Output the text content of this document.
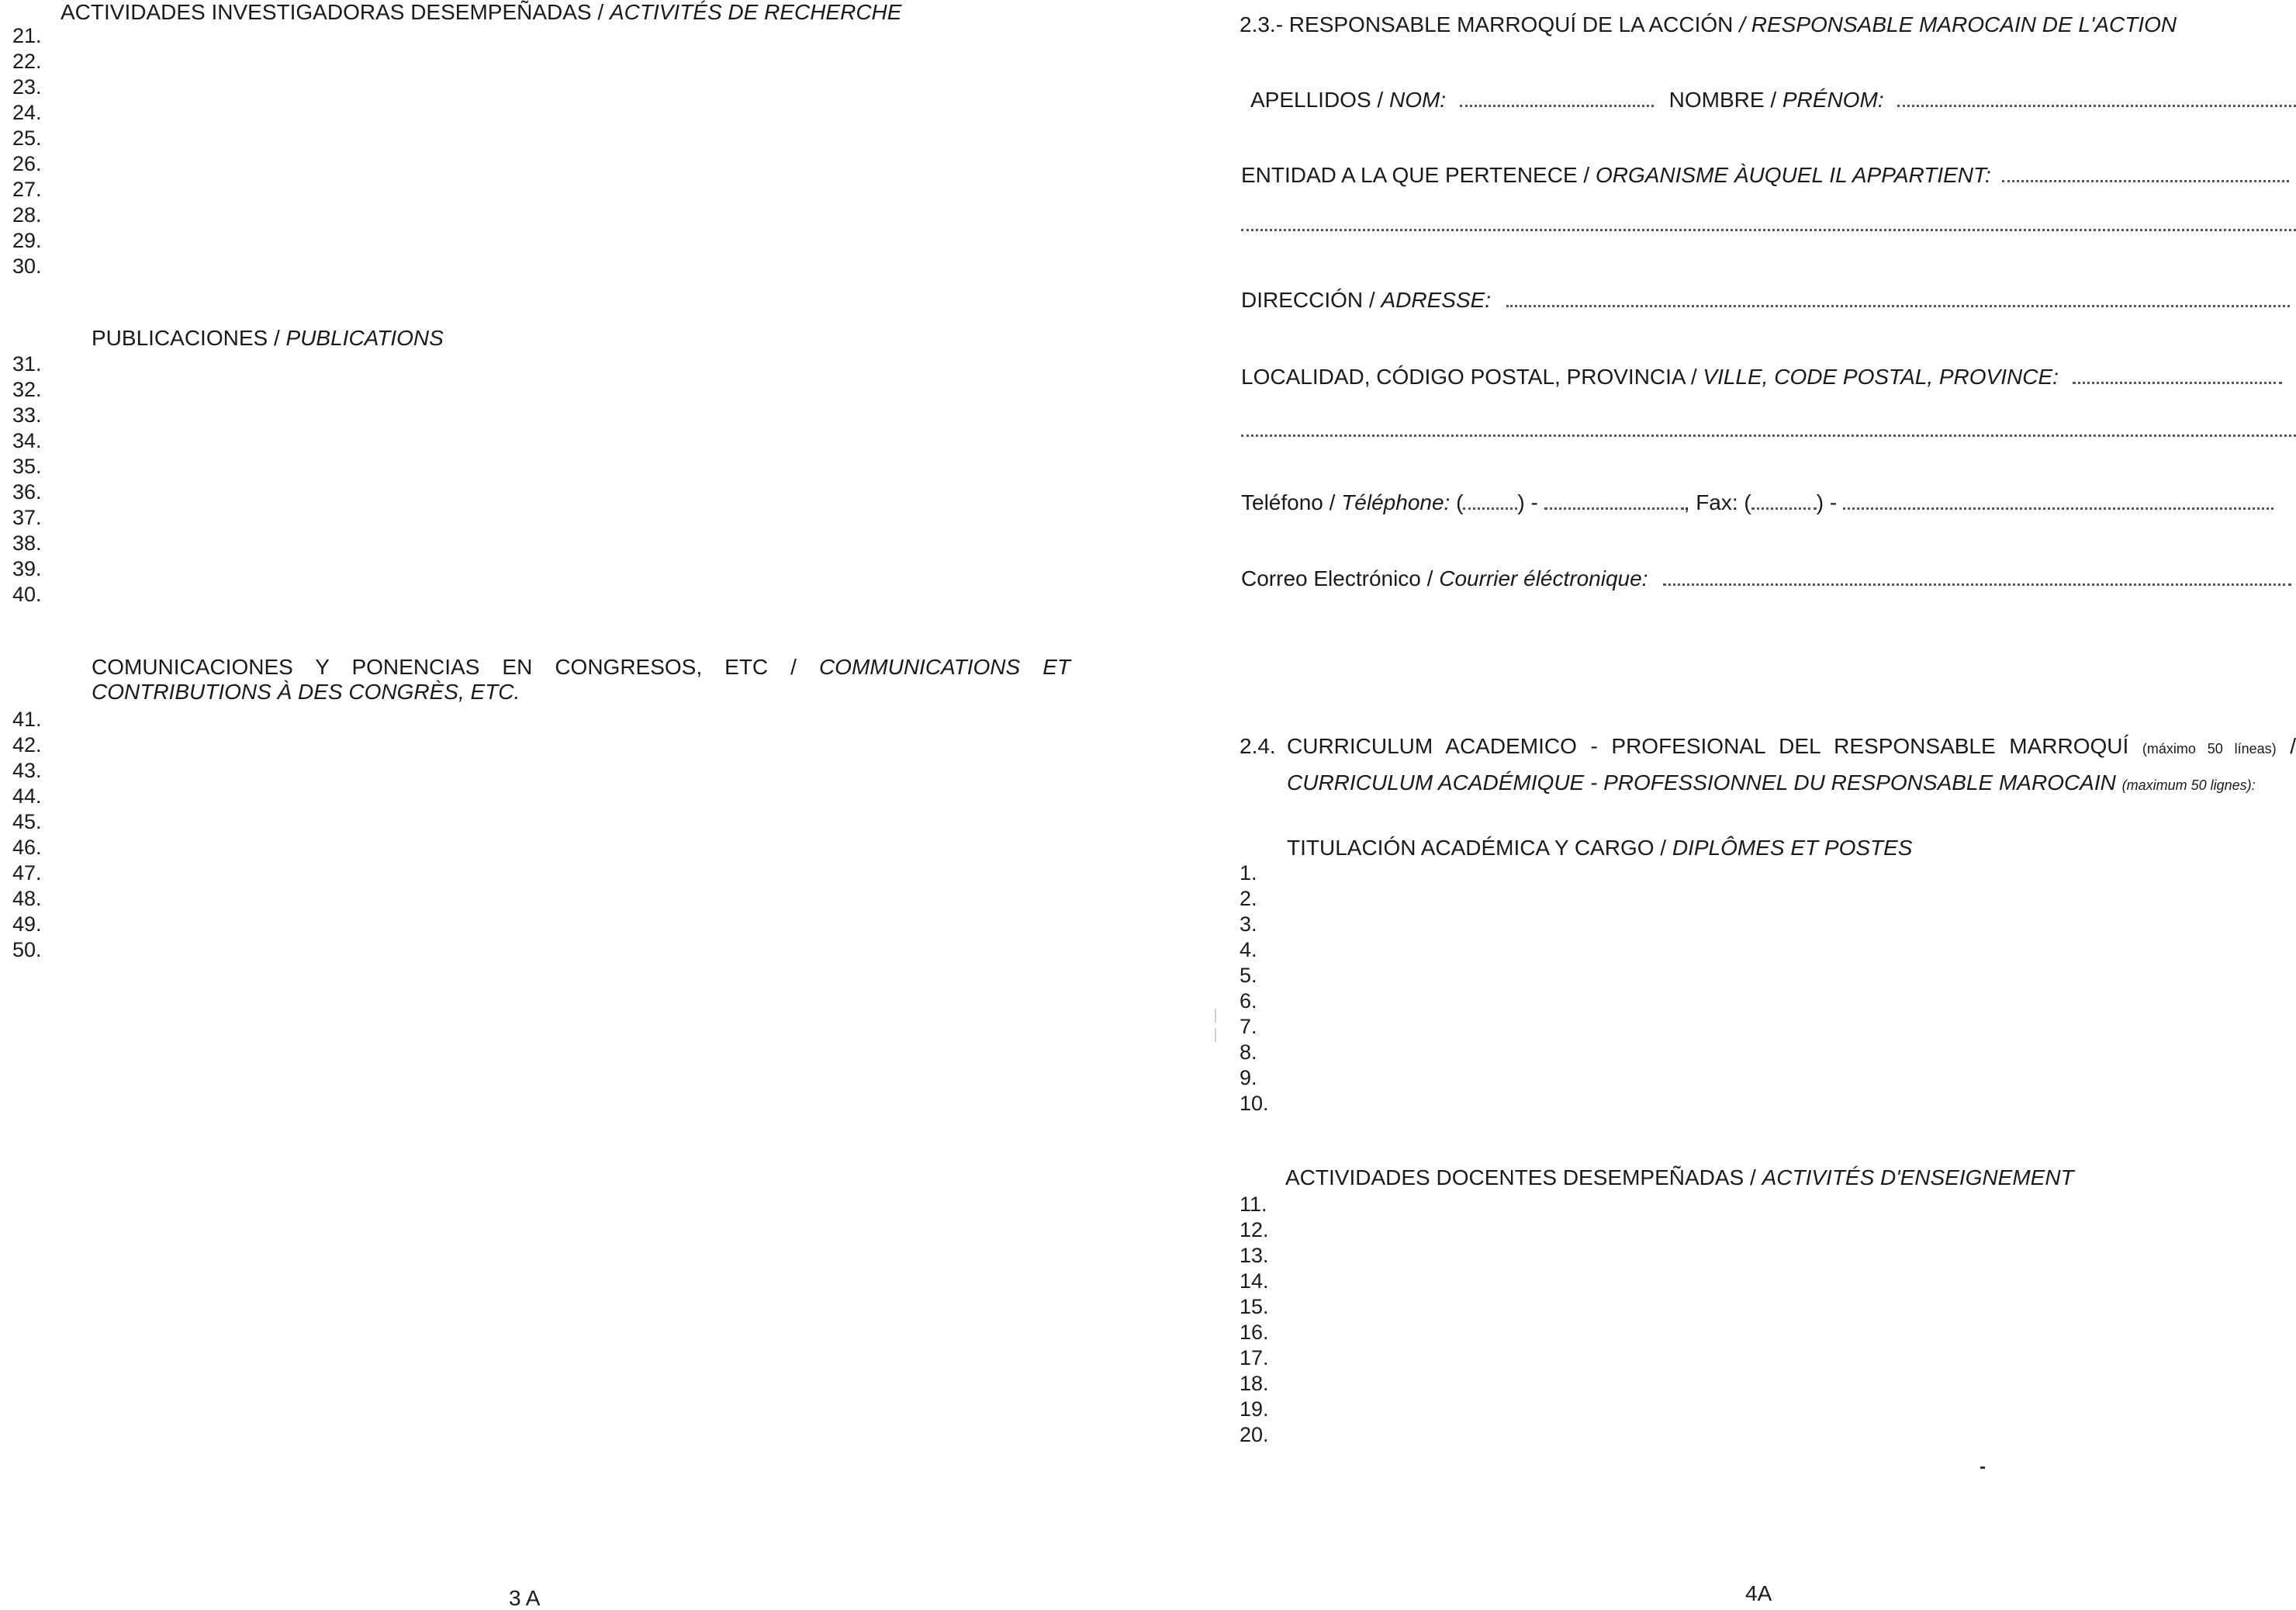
ACTIVIDADES INVESTIGADORAS DESEMPEÑADAS / ACTIVITÉS DE RECHERCHE
21.
22.
23.
24.
25.
26.
27.
28.
29.
30.
PUBLICACIONES / PUBLICATIONS
31.
32.
33.
34.
35.
36.
37.
38.
39.
40.
COMUNICACIONES Y PONENCIAS EN CONGRESOS, ETC / COMMUNICATIONS ET
CONTRIBUTIONS À DES CONGRÈS, ETC.
41.
42.
43.
44.
45.
46.
47.
48.
49.
50.
3 A
2.3.- RESPONSABLE MARROQUÍ DE LA ACCIÓN / RESPONSABLE MAROCAIN DE L'ACTION
APELLIDOS / NOM:	NOMBRE / PRÉNOM:
ENTIDAD A LA QUE PERTENECE / ORGANISME ÀUQUEL IL APPARTIENT:
DIRECCIÓN / ADRESSE:
LOCALIDAD, CÓDIGO POSTAL, PROVINCIA / VILLE, CODE POSTAL, PROVINCE:
Teléfono / Téléphone: (	) -	, Fax: (	) -
Correo Electrónico / Courrier éléctronique:
2.4. CURRICULUM ACADEMICO - PROFESIONAL DEL RESPONSABLE MARROQUÍ (máximo 50 líneas) /
CURRICULUM ACADÉMIQUE - PROFESSIONNEL DU RESPONSABLE MAROCAIN (maximum 50 lignes):
TITULACIÓN ACADÉMICA Y CARGO / DIPLÔMES ET POSTES
1.
2.
3.
4.
5.
6.
7.
8.
9.
10.
ACTIVIDADES DOCENTES DESEMPEÑADAS / ACTIVITÉS D'ENSEIGNEMENT
11.
12.
13.
14.
15.
16.
17.
18.
19.
20.
4A
